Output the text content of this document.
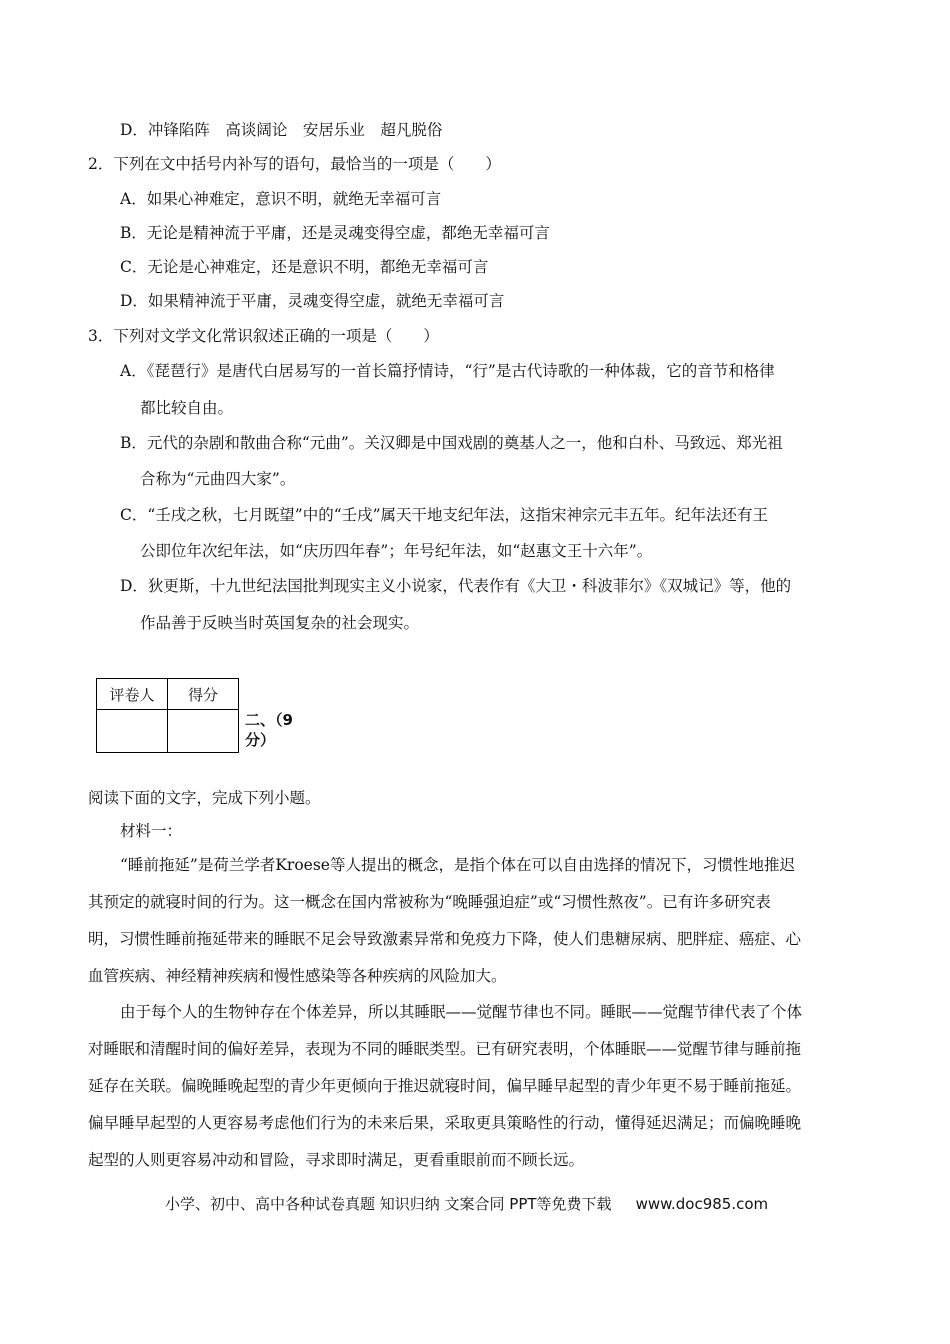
D．冲锋陷阵　高谈阔论　安居乐业　超凡脱俗
2．下列在文中括号内补写的语句，最恰当的一项是（　　）
A．如果心神难定，意识不明，就绝无幸福可言
B．无论是精神流于平庸，还是灵魂变得空虚，都绝无幸福可言
C．无论是心神难定，还是意识不明，都绝无幸福可言
D．如果精神流于平庸，灵魂变得空虚，就绝无幸福可言
3．下列对文学文化常识叙述正确的一项是（　　）
A．《琵琶行》是唐代白居易写的一首长篇抒情诗，“行”是古代诗歌的一种体裁，它的音节和格律
都比较自由。
B．元代的杂剧和散曲合称“元曲”。关汉卿是中国戏剧的奠基人之一，他和白朴、马致远、郑光祖
合称为“元曲四大家”。
C．“壬戌之秋，七月既望”中的“壬戌”属天干地支纪年法，这指宋神宗元丰五年。纪年法还有王
公即位年次纪年法，如“庆历四年春”；年号纪年法，如“赵惠文王十六年”。
D．狄更斯，十九世纪法国批判现实主义小说家，代表作有《大卫・科波菲尔》《双城记》等，他的
作品善于反映当时英国复杂的社会现实。
评卷人	得分

二、（9
分）
阅读下面的文字，完成下列小题。
材料一：
“睡前拖延”是荷兰学者Kroese等人提出的概念，是指个体在可以自由选择的情况下，习惯性地推迟
其预定的就寝时间的行为。这一概念在国内常被称为“晚睡强迫症”或“习惯性熬夜”。已有许多研究表
明，习惯性睡前拖延带来的睡眠不足会导致激素异常和免疫力下降，使人们患糖尿病、肥胖症、癌症、心
血管疾病、神经精神疾病和慢性感染等各种疾病的风险加大。
由于每个人的生物钟存在个体差异，所以其睡眠——觉醒节律也不同。睡眠——觉醒节律代表了个体
对睡眠和清醒时间的偏好差异，表现为不同的睡眠类型。已有研究表明，个体睡眠——觉醒节律与睡前拖
延存在关联。偏晚睡晚起型的青少年更倾向于推迟就寝时间，偏早睡早起型的青少年更不易于睡前拖延。
偏早睡早起型的人更容易考虑他们行为的未来后果，采取更具策略性的行动，懂得延迟满足；而偏晚睡晚
起型的人则更容易冲动和冒险，寻求即时满足，更看重眼前而不顾长远。
小学、初中、高中各种试卷真题 知识归纳 文案合同 PPT等免费下载 www.doc985.com
